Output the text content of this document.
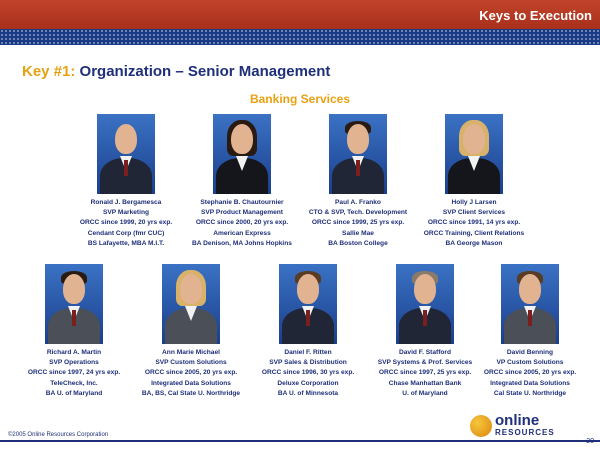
Keys to Execution
Key #1: Organization – Senior Management
Banking Services
Ronald J. Bergamesca
SVP Marketing
ORCC since 1999, 20 yrs exp.
Cendant Corp (fmr CUC)
BS Lafayette, MBA M.I.T.
Stephanie B. Chautournier
SVP Product Management
ORCC since 2000, 20 yrs exp.
American Express
BA Denison, MA Johns Hopkins
Paul A. Franko
CTO & SVP, Tech. Development
ORCC since 1999, 25 yrs exp.
Sallie Mae
BA Boston College
Holly J Larsen
SVP Client Services
ORCC since 1991, 14 yrs exp.
ORCC Training, Client Relations
BA George Mason
Richard A. Martin
SVP Operations
ORCC since 1997, 24 yrs exp.
TeleCheck, Inc.
BA U. of Maryland
Ann Marie Michael
SVP Custom Solutions
ORCC since 2005, 20 yrs exp.
Integrated Data Solutions
BA, BS, Cal State U. Northridge
Daniel F. Ritten
SVP Sales & Distribution
ORCC since 1996, 30 yrs exp.
Deluxe Corporation
BA U. of Minnesota
David F. Stafford
SVP Systems & Prof. Services
ORCC since 1997, 25 yrs exp.
Chase Manhattan Bank
U. of Maryland
David Benning
VP Custom Solutions
ORCC since 2005, 20 yrs exp.
Integrated Data Solutions
Cal State U. Northridge
©2005 Online Resources Corporation
online
RESOURCES
20
